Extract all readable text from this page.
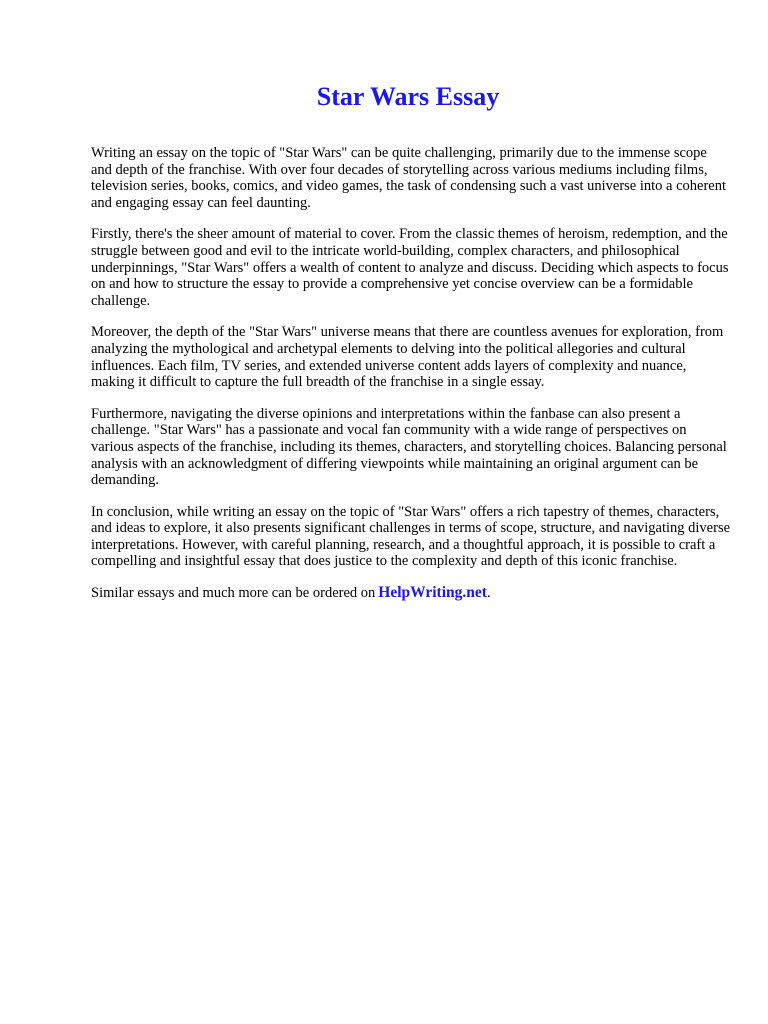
Star Wars Essay

Writing an essay on the topic of "Star Wars" can be quite challenging, primarily due to the immense scope and depth of the franchise. With over four decades of storytelling across various mediums including films, television series, books, comics, and video games, the task of condensing such a vast universe into a coherent and engaging essay can feel daunting.

Firstly, there's the sheer amount of material to cover. From the classic themes of heroism, redemption, and the struggle between good and evil to the intricate world-building, complex characters, and philosophical underpinnings, "Star Wars" offers a wealth of content to analyze and discuss. Deciding which aspects to focus on and how to structure the essay to provide a comprehensive yet concise overview can be a formidable challenge.

Moreover, the depth of the "Star Wars" universe means that there are countless avenues for exploration, from analyzing the mythological and archetypal elements to delving into the political allegories and cultural influences. Each film, TV series, and extended universe content adds layers of complexity and nuance, making it difficult to capture the full breadth of the franchise in a single essay.

Furthermore, navigating the diverse opinions and interpretations within the fanbase can also present a challenge. "Star Wars" has a passionate and vocal fan community with a wide range of perspectives on various aspects of the franchise, including its themes, characters, and storytelling choices. Balancing personal analysis with an acknowledgment of differing viewpoints while maintaining an original argument can be demanding.

In conclusion, while writing an essay on the topic of "Star Wars" offers a rich tapestry of themes, characters, and ideas to explore, it also presents significant challenges in terms of scope, structure, and navigating diverse interpretations. However, with careful planning, research, and a thoughtful approach, it is possible to craft a compelling and insightful essay that does justice to the complexity and depth of this iconic franchise.

Similar essays and much more can be ordered on HelpWriting.net.
